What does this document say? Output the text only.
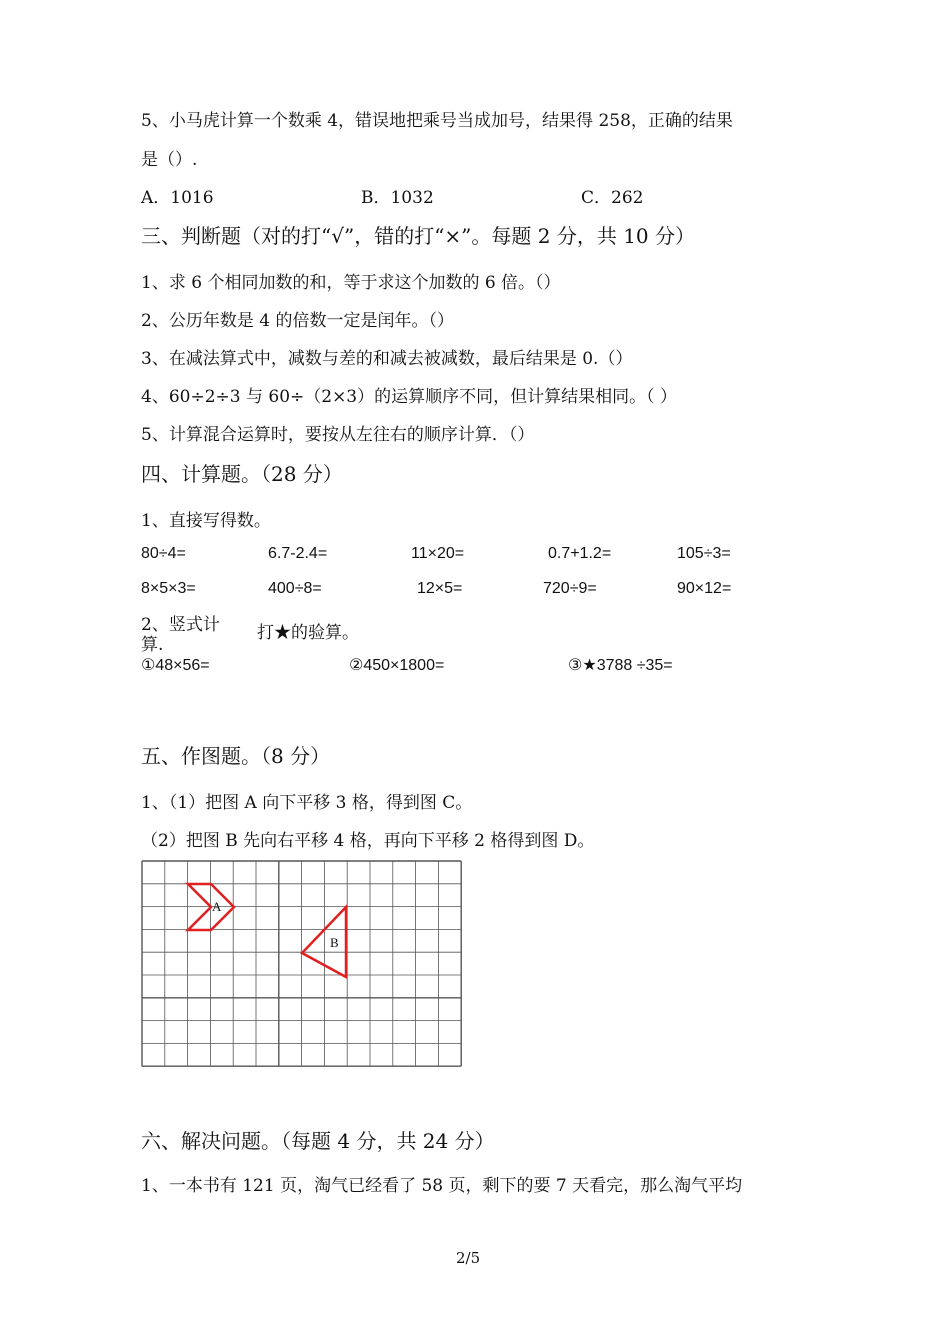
5、小马虎计算一个数乘 4，错误地把乘号当成加号，结果得 258，正确的结果
是（）.
A．1016	B．1032	C．262
三、判断题（对的打“√”，错的打“×”。每题 2 分，共 10 分）
1、求 6 个相同加数的和，等于求这个加数的 6 倍。（）
2、公历年数是 4 的倍数一定是闰年。（）
3、在减法算式中，减数与差的和减去被减数，最后结果是 0.（）
4、60÷2÷3 与 60÷（2×3）的运算顺序不同，但计算结果相同。（ ）
5、计算混合运算时，要按从左往右的顺序计算．（）
四、计算题。（28 分）
1、直接写得数。
80÷4=	6.7-2.4=	11×20=	0.7+1.2=	105÷3=
8×5×3=	400÷8=	12×5=	720÷9=	90×12=
2、竖式计
算.
打★的验算。
①48×56=	②450×1800=	③★3788 ÷35=
五、作图题。（8 分）
1、（1）把图 A 向下平移 3 格，得到图 C。
（2）把图 B 先向右平移 4 格，再向下平移 2 格得到图 D。
A
B
六、解决问题。（每题 4 分，共 24 分）
1、一本书有 121 页，淘气已经看了 58 页，剩下的要 7 天看完，那么淘气平均
2/5
